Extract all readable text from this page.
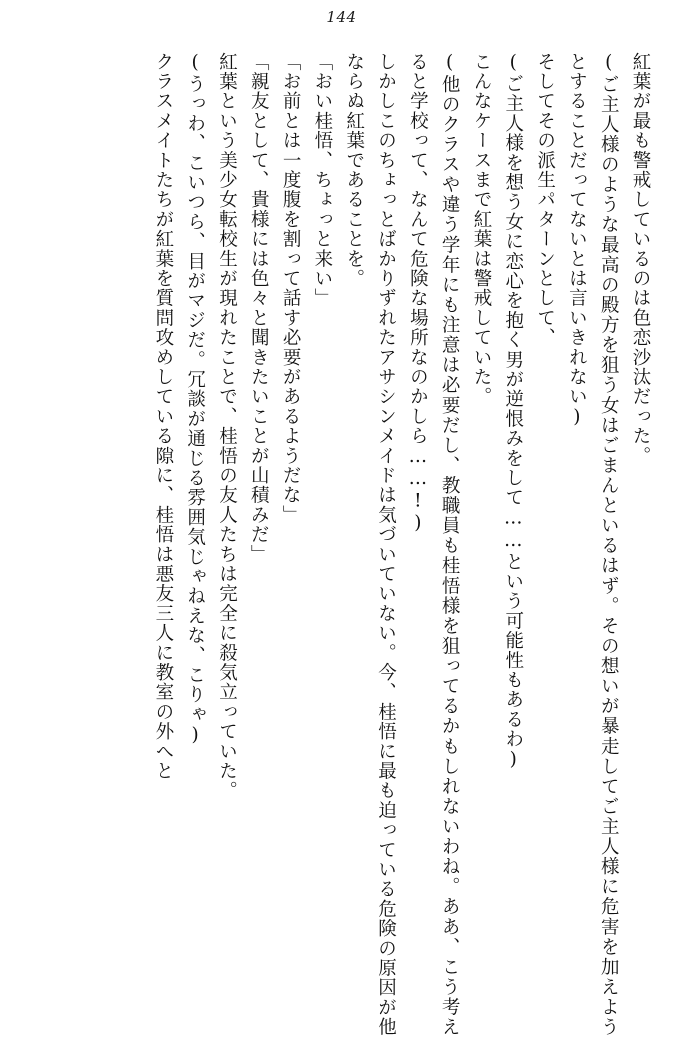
144
紅葉が最も警戒しているのは色恋沙汰だった。
(ご主人様のような最高の殿方を狙う女はごまんといるはず。その想いが暴走してご主人様に危害を加えようとすることだってないとは言いきれない)
そしてその派生パターンとして、
(ご主人様を想う女に恋心を抱く男が逆恨みをして……という可能性もあるわ)
こんなケースまで紅葉は警戒していた。
(他のクラスや違う学年にも注意は必要だし、教職員も桂悟様を狙ってるかもしれないわね。ああ、こう考えると学校って、なんて危険な場所なのかしら……!)
しかしこのちょっとばかりずれたアサシンメイドは気づいていない。今、桂悟に最も迫っている危険の原因が他ならぬ紅葉であることを。
「おい桂悟、ちょっと来い」
「お前とは一度腹を割って話す必要があるようだな」
「親友として、貴様には色々と聞きたいことが山積みだ」
紅葉という美少女転校生が現れたことで、桂悟の友人たちは完全に殺気立っていた。
(うっわ、こいつら、目がマジだ。冗談が通じる雰囲気じゃねえな、こりゃ)
クラスメイトたちが紅葉を質問攻めしている隙に、桂悟は悪友三人に教室の外へと
